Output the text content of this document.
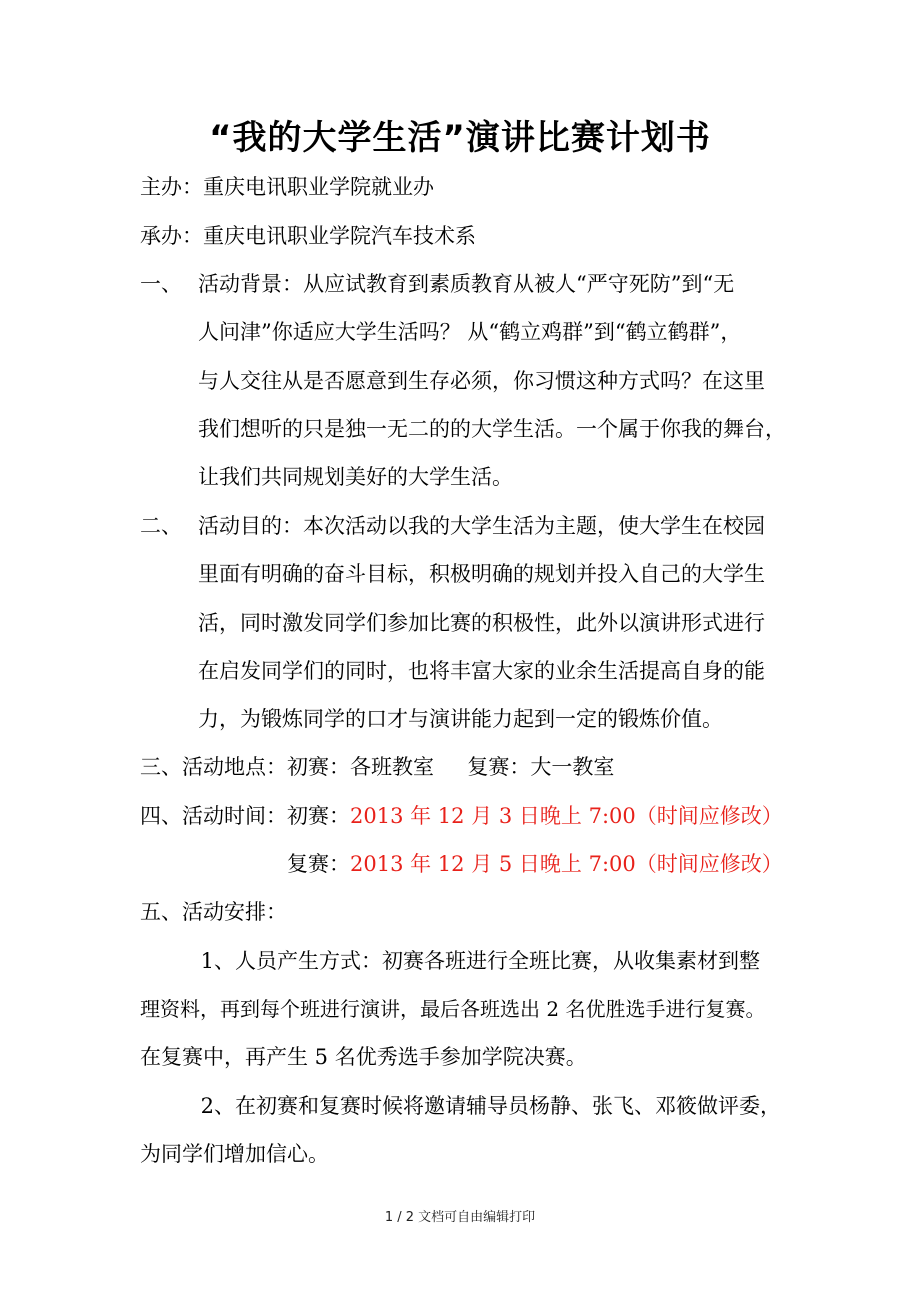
“我的大学生活”演讲比赛计划书
主办：重庆电讯职业学院就业办
承办：重庆电讯职业学院汽车技术系
一、 活动背景：从应试教育到素质教育从被人“严守死防”到“无
人问津”你适应大学生活吗？ 从“鹤立鸡群”到“鹤立鹤群”，
与人交往从是否愿意到生存必须，你习惯这种方式吗？在这里
我们想听的只是独一无二的的大学生活。一个属于你我的舞台，
让我们共同规划美好的大学生活。
二、 活动目的：本次活动以我的大学生活为主题，使大学生在校园
里面有明确的奋斗目标，积极明确的规划并投入自己的大学生
活，同时激发同学们参加比赛的积极性，此外以演讲形式进行
在启发同学们的同时，也将丰富大家的业余生活提高自身的能
力，为锻炼同学的口才与演讲能力起到一定的锻炼价值。
三、活动地点：初赛：各班教室     复赛：大一教室
四、活动时间：初赛：2013 年 12 月 3 日晚上 7:00（时间应修改）
复赛：2013 年 12 月 5 日晚上 7:00（时间应修改）
五、活动安排：
1、人员产生方式：初赛各班进行全班比赛，从收集素材到整
理资料，再到每个班进行演讲，最后各班选出 2 名优胜选手进行复赛。
在复赛中，再产生 5 名优秀选手参加学院决赛。
2、在初赛和复赛时候将邀请辅导员杨静、张飞、邓筱做评委，
为同学们增加信心。
1 / 2 文档可自由编辑打印
